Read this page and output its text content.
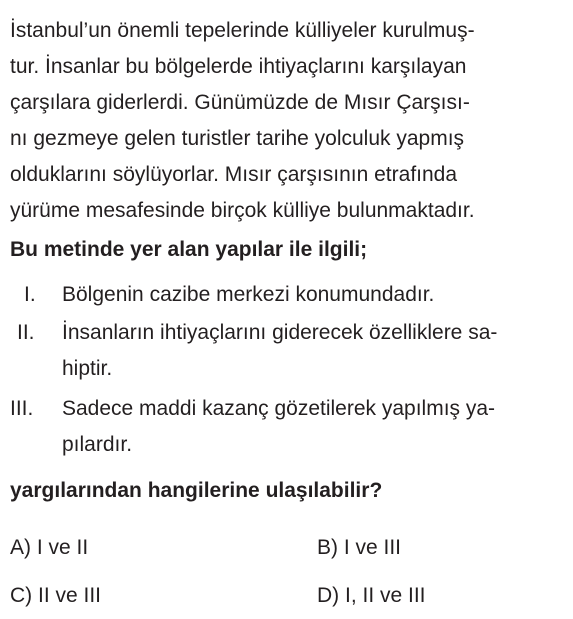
İstanbul’un önemli tepelerinde külliyeler kurulmuş-
tur. İnsanlar bu bölgelerde ihtiyaçlarını karşılayan
çarşılara giderlerdi. Günümüzde de Mısır Çarşısı-
nı gezmeye gelen turistler tarihe yolculuk yapmış
olduklarını söylüyorlar. Mısır çarşısının etrafında
yürüme mesafesinde birçok külliye bulunmaktadır.
Bu metinde yer alan yapılar ile ilgili;
I. Bölgenin cazibe merkezi konumundadır.
II. İnsanların ihtiyaçlarını giderecek özelliklere sa-
hiptir.
III. Sadece maddi kazanç gözetilerek yapılmış ya-
pılardır.
yargılarından hangilerine ulaşılabilir?
A) I ve II	B) I ve III
C) II ve III	D) I, II ve III
